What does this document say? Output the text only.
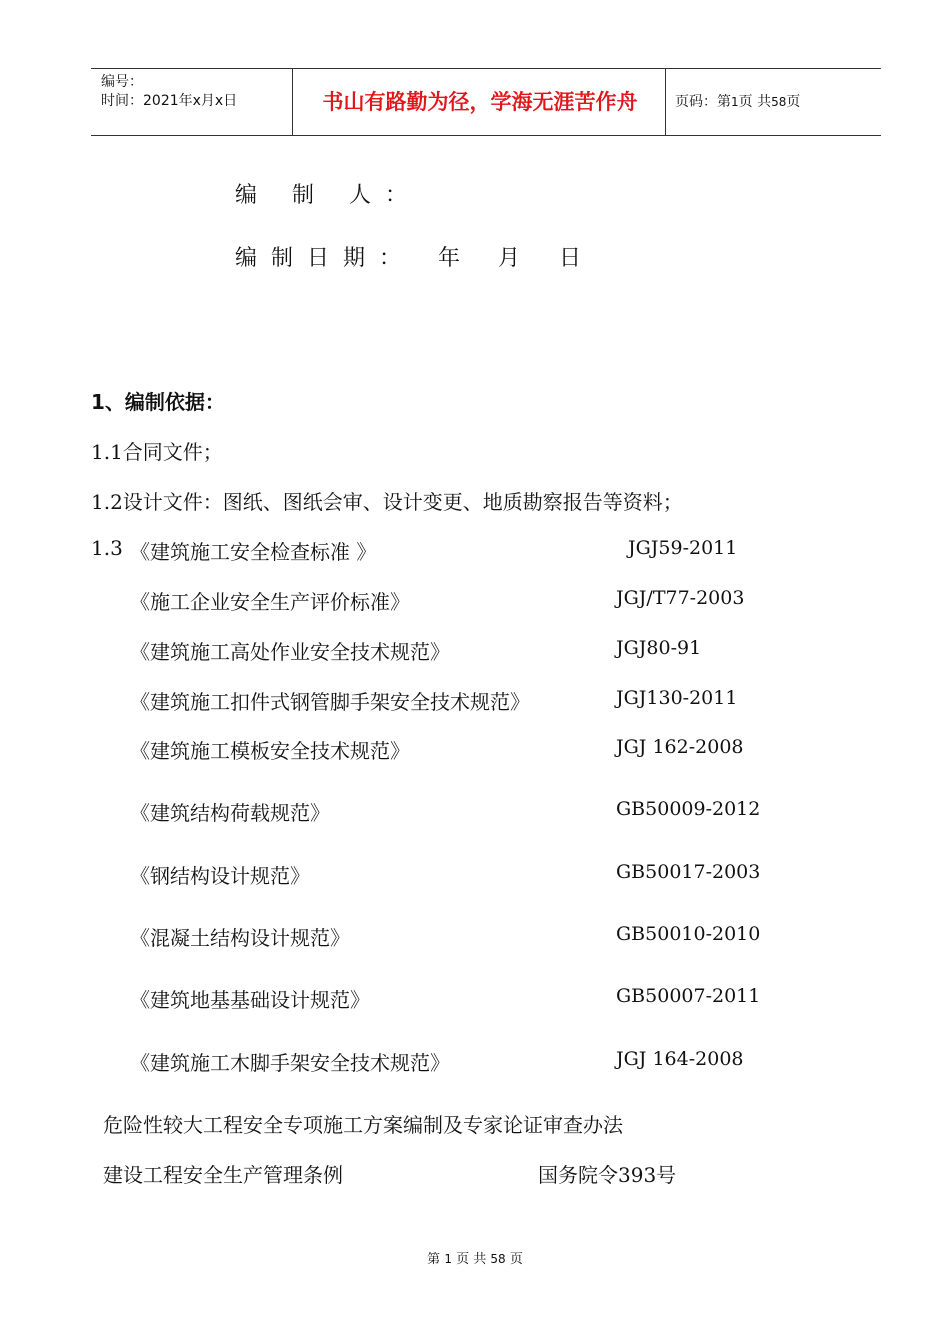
编号：
时间：2021年x月x日	书山有路勤为径，学海无涯苦作舟	页码：第1页 共58页
编 制 人：
编制日期： 年 月 日
1、编制依据：
1.1合同文件；
1.2设计文件：图纸、图纸会审、设计变更、地质勘察报告等资料；
1.3 《建筑施工安全检查标准 》	JGJ59-2011
《施工企业安全生产评价标准》	JGJ/T77-2003
《建筑施工高处作业安全技术规范》	JGJ80-91
《建筑施工扣件式钢管脚手架安全技术规范》	JGJ130-2011
《建筑施工模板安全技术规范》	JGJ 162-2008
《建筑结构荷载规范》	GB50009-2012
《钢结构设计规范》	GB50017-2003
《混凝土结构设计规范》	GB50010-2010
《建筑地基基础设计规范》	GB50007-2011
《建筑施工木脚手架安全技术规范》	JGJ 164-2008
危险性较大工程安全专项施工方案编制及专家论证审查办法
建设工程安全生产管理条例	国务院令393号
第 1 页 共 58 页
